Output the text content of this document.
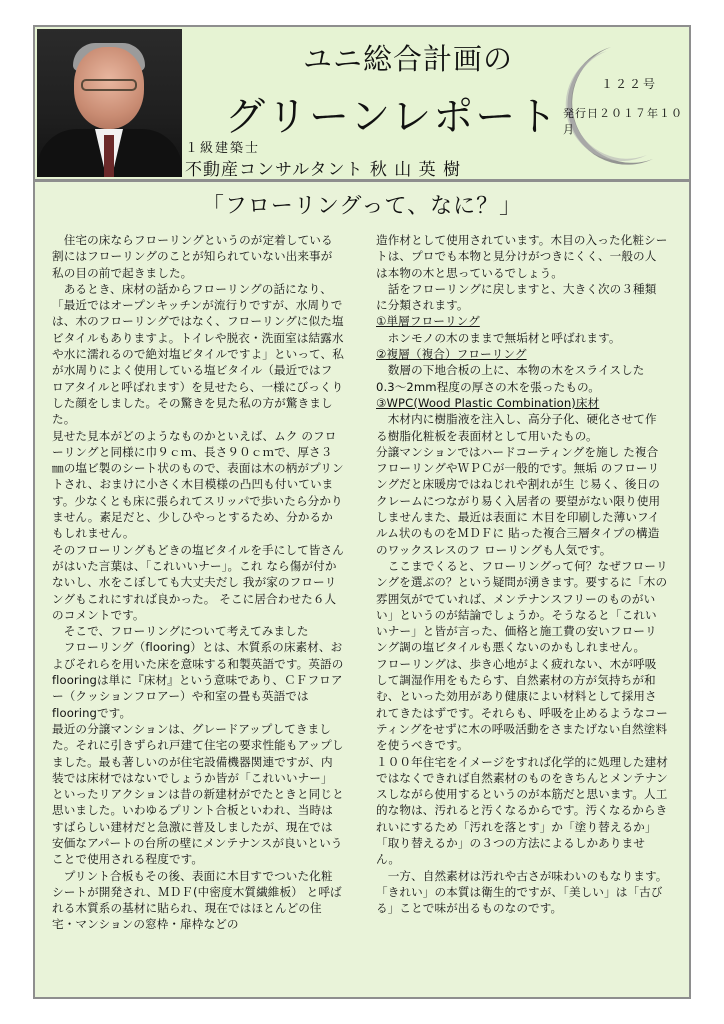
ユニ総合計画の
グリーンレポート
１２２号
発行日２０１７年１０月
１級建築士
不動産コンサルタント 秋 山 英 樹
「フローリングって、なに？」

　住宅の床ならフローリングというのが定着している割にはフローリングのことが知られていない出来事が私の目の前で起きました。

　あるとき、床材の話からフローリングの話になり、「最近ではオープンキッチンが流行りですが、水周りでは、木のフローリングではなく、フローリングに似た塩ビタイルもありますよ。トイレや脱衣・洗面室は結露水や水に濡れるので絶対塩ビタイルですよ」といって、私が水周りによく使用している塩ビタイル（最近ではフロアタイルと呼ばれます）を見せたら、一様にびっくりした顔をしました。その驚きを見た私の方が驚きました。

見せた見本がどのようなものかといえば、ムク のフローリングと同様に巾９ｃｍ、長さ９０ｃｍで、厚さ３㎜の塩ビ製のシート状のもので、表面は木の柄がプリントされ、おまけに小さく木目模様の凸凹も付いています。少なくとも床に張られてスリッパで歩いたら分かりません。素足だと、少しひやっとするため、分かるかもしれません。

そのフローリングもどきの塩ビタイルを手にして皆さんがはいた言葉は、「これいいナー」。これ なら傷が付かないし、水をこぼしても大丈夫だし 我が家のフローリングもこれにすれば良かった。 そこに居合わせた６人のコメントです。

　そこで、フローリングについて考えてみました

　フローリング（flooring）とは、木質系の床素材、およびそれらを用いた床を意味する和製英語です。英語のflooringは単に『床材』という意味であり、ＣＦフロアー（クッションフロアー）や和室の畳も英語ではflooringです。

最近の分譲マンションは、グレードアップしてきました。それに引きずられ戸建て住宅の要求性能もアップしました。最も著しいのが住宅設備機器関連ですが、内装では床材ではないでしょうか皆が「これいいナー」といったリアクションは昔の新建材がでたときと同じと思いました。いわゆるプリント合板といわれ、当時はすばらしい建材だと急激に普及しましたが、現在では安価なアパートの台所の壁にメンテナンスが良いということで使用される程度です。

　プリント合板もその後、表面に木目すでついた化粧シートが開発され、ＭＤＦ(中密度木質繊維板） と呼ばれる木質系の基材に貼られ、現在ではほとんどの住宅・マンションの窓枠・扉枠などの

造作材として使用されています。木目の入った化粧シートは、プロでも本物と見分けがつきにくく、一般の人は本物の木と思っているでしょう。

　話をフローリングに戻しますと、大きく次の３種類に分類されます。

①単層フローリング

　ホンモノの木のままで無垢材と呼ばれます。

②複層（複合）フローリング

　数層の下地合板の上に、本物の木をスライスした0.3〜2mm程度の厚さの木を張ったもの。

③WPC(Wood Plastic Combination)床材

　木材内に樹脂液を注入し、高分子化、硬化させて作る樹脂化粧板を表面材として用いたもの。

分譲マンションではハードコーティングを施し た複合フローリングやＷＰＣが一般的です。無垢 のフローリングだと床暖房ではねじれや割れが生 じ易く、後日のクレームにつながり易く入居者の 要望がない限り使用しませんまた、最近は表面に 木目を印刷した薄いフイルム状のものをＭＤＦに 貼った複合三層タイプの構造のワックスレスのフ ローリングも人気です。

　ここまでくると、フローリングって何？なぜフローリングを選ぶの？という疑問が湧きます。要するに「木の雰囲気がでていれば、メンテナンスフリーのものがいい」というのが結論でしょうか。そうなると「これいいナー」と皆が言った、価格と施工費の安いフローリング調の塩ビタイルも悪くないのかもしれません。

フローリングは、歩き心地がよく疲れない、木が呼吸して調湿作用をもたらす、自然素材の方が気持ちが和む、といった効用があり健康によい材料として採用されてきたはずです。それらも、呼吸を止めるようなコーティングをせずに木の呼吸活動をさまたげない自然塗料を使うべきです。

１００年住宅をイメージをすれば化学的に処理した建材ではなくできれば自然素材のものをきちんとメンテナンスしながら使用するというのが本筋だと思います。人工的な物は、汚れると汚くなるからです。汚くなるからきれいにするため「汚れを落とす」か「塗り替えるか」「取り替えるか」の３つの方法によるしかありません。

　一方、自然素材は汚れや古さが味わいのもなります。「きれい」の本質は衛生的ですが、「美しい」は「古びる」ことで味が出るものなのです。
